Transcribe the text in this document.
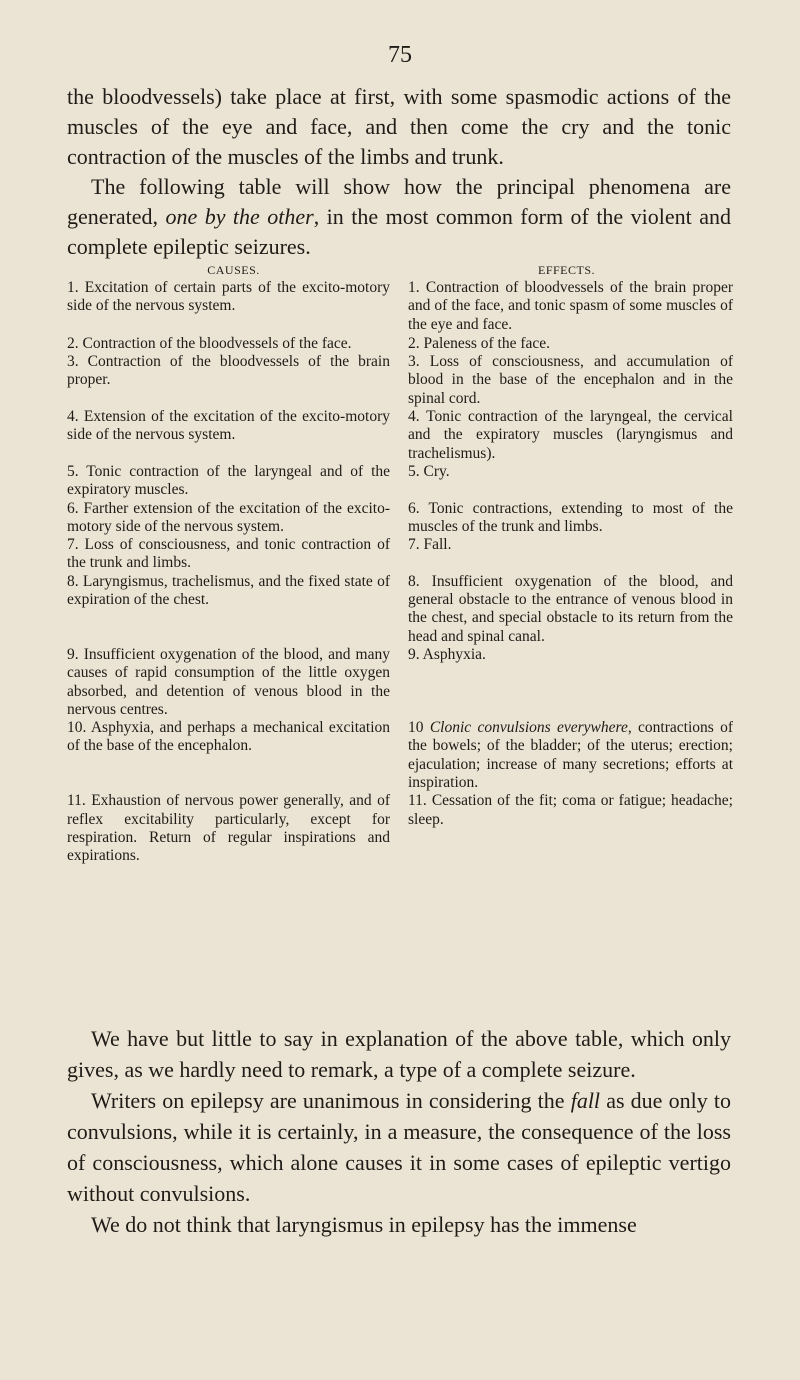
75

the bloodvessels) take place at first, with some spasmodic actions of the muscles of the eye and face, and then come the cry and the tonic contraction of the muscles of the limbs and trunk.

The following table will show how the principal phenomena are generated, one by the other, in the most common form of the violent and complete epileptic seizures.

CAUSES.	EFFECTS.
1. Excitation of certain parts of the excito-motory side of the nervous system.
1. Contraction of bloodvessels of the brain proper and of the face, and tonic spasm of some muscles of the eye and face.
2. Contraction of the bloodvessels of the face.	2. Paleness of the face.
3. Contraction of the bloodvessels of the brain proper.
3. Loss of consciousness, and accumulation of blood in the base of the encephalon and in the spinal cord.
4. Extension of the excitation of the excito-motory side of the nervous system.
4. Tonic contraction of the laryngeal, the cervical and the expiratory muscles (laryngismus and trachelismus).
5. Tonic contraction of the laryngeal and of the expiratory muscles.
5. Cry.
6. Farther extension of the excitation of the excito-motory side of the nervous system.
6. Tonic contractions, extending to most of the muscles of the trunk and limbs.
7. Loss of consciousness, and tonic contraction of the trunk and limbs.
7. Fall.
8. Laryngismus, trachelismus, and the fixed state of expiration of the chest.
8. Insufficient oxygenation of the blood, and general obstacle to the entrance of venous blood in the chest, and special obstacle to its return from the head and spinal canal.
9. Insufficient oxygenation of the blood, and many causes of rapid consumption of the little oxygen absorbed, and detention of venous blood in the nervous centres.
9. Asphyxia.
10. Asphyxia, and perhaps a mechanical excitation of the base of the encephalon.
10 Clonic convulsions everywhere, contractions of the bowels; of the bladder; of the uterus; erection; ejaculation; increase of many secretions; efforts at inspiration.
11. Exhaustion of nervous power generally, and of reflex excitability particularly, except for respiration. Return of regular inspirations and expirations.
11. Cessation of the fit; coma or fatigue; headache; sleep.

We have but little to say in explanation of the above table, which only gives, as we hardly need to remark, a type of a complete seizure.

Writers on epilepsy are unanimous in considering the fall as due only to convulsions, while it is certainly, in a measure, the consequence of the loss of consciousness, which alone causes it in some cases of epileptic vertigo without convulsions.

We do not think that laryngismus in epilepsy has the immense
